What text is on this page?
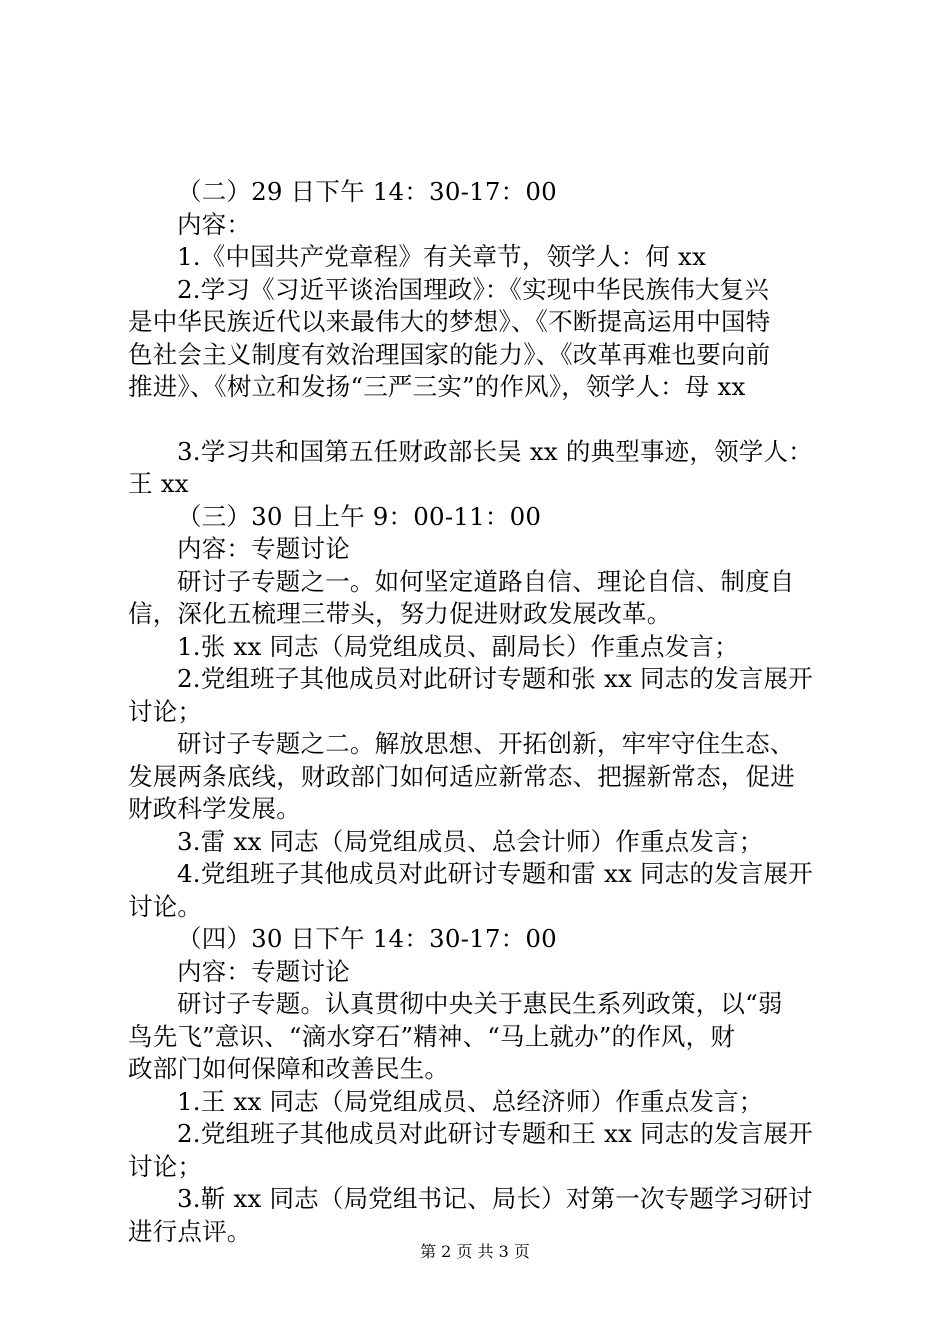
（二）29 日下午 14：30-17：00
内容：
1.《中国共产党章程》有关章节，领学人：何 xx
2.学习《习近平谈治国理政》：《实现中华民族伟大复兴
是中华民族近代以来最伟大的梦想》、《不断提高运用中国特
色社会主义制度有效治理国家的能力》、《改革再难也要向前
推进》、《树立和发扬“三严三实”的作风》，领学人：母 xx
3.学习共和国第五任财政部长吴 xx 的典型事迹，领学人：
王 xx
（三）30 日上午 9：00-11：00
内容：专题讨论
研讨子专题之一。如何坚定道路自信、理论自信、制度自
信，深化五梳理三带头，努力促进财政发展改革。
1.张 xx 同志（局党组成员、副局长）作重点发言；
2.党组班子其他成员对此研讨专题和张 xx 同志的发言展开
讨论；
研讨子专题之二。解放思想、开拓创新，牢牢守住生态、
发展两条底线，财政部门如何适应新常态、把握新常态，促进
财政科学发展。
3.雷 xx 同志（局党组成员、总会计师）作重点发言；
4.党组班子其他成员对此研讨专题和雷 xx 同志的发言展开
讨论。
（四）30 日下午 14：30-17：00
内容：专题讨论
研讨子专题。认真贯彻中央关于惠民生系列政策，以“弱
鸟先飞”意识、“滴水穿石”精神、“马上就办”的作风，财
政部门如何保障和改善民生。
1.王 xx 同志（局党组成员、总经济师）作重点发言；
2.党组班子其他成员对此研讨专题和王 xx 同志的发言展开
讨论；
3.靳 xx 同志（局党组书记、局长）对第一次专题学习研讨
进行点评。
第 2 页 共 3 页
